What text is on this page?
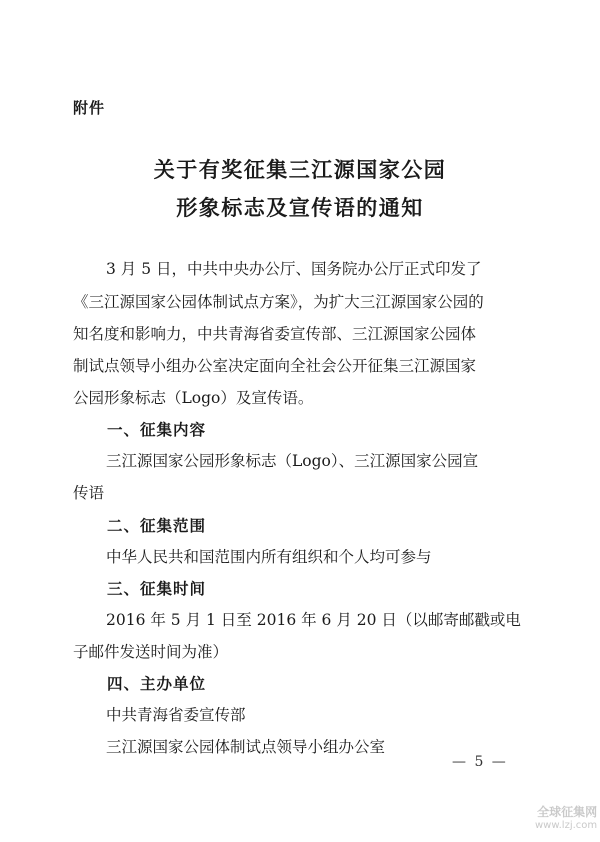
附件
关于有奖征集三江源国家公园
形象标志及宣传语的通知
3 月 5 日，中共中央办公厅、国务院办公厅正式印发了
《三江源国家公园体制试点方案》，为扩大三江源国家公园的
知名度和影响力，中共青海省委宣传部、三江源国家公园体
制试点领导小组办公室决定面向全社会公开征集三江源国家
公园形象标志（Logo）及宣传语。
一、征集内容
三江源国家公园形象标志（Logo）、三江源国家公园宣
传语
二、征集范围
中华人民共和国范围内所有组织和个人均可参与
三、征集时间
2016 年 5 月 1 日至 2016 年 6 月 20 日（以邮寄邮戳或电
子邮件发送时间为准）
四、主办单位
中共青海省委宣传部
三江源国家公园体制试点领导小组办公室
— 5 —
全球征集网
www.lzj.com
